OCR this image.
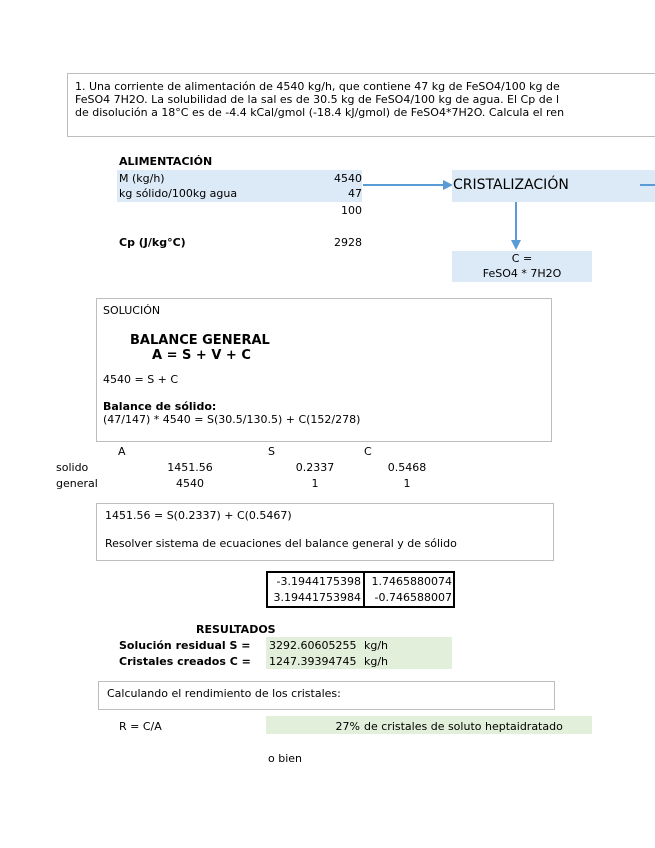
1. Una corriente de alimentación de 4540 kg/h, que contiene 47 kg de FeSO4/100 kg de
FeSO4 7H2O. La solubilidad de la sal es de 30.5 kg de FeSO4/100 kg de agua. El Cp de l
de disolución a 18°C es de -4.4 kCal/gmol (-18.4 kJ/gmol) de FeSO4*7H2O. Calcula el ren
ALIMENTACIÓN
M (kg/h)	4540
kg sólido/100kg agua	47
100
Cp (J/kg°C)	2928
CRISTALIZACIÓN
C =
FeSO4 * 7H2O
SOLUCIÓN
BALANCE GENERAL
A = S + V + C
4540 = S + C
Balance de sólido:
(47/147) * 4540 = S(30.5/130.5) + C(152/278)
A	S	C
solido	1451.56	0.2337	0.5468
general	4540	1	1
1451.56 = S(0.2337) + C(0.5467)
Resolver sistema de ecuaciones del balance general y de sólido
-3.1944175398 1.7465880074
3.19441753984	-0.746588007
RESULTADOS
Solución residual S = 3292.60605255 kg/h
Cristales creados C = 1247.39394745 kg/h
Calculando el rendimiento de los cristales:
R = C/A	27% de cristales de soluto heptaidratado
o bien
